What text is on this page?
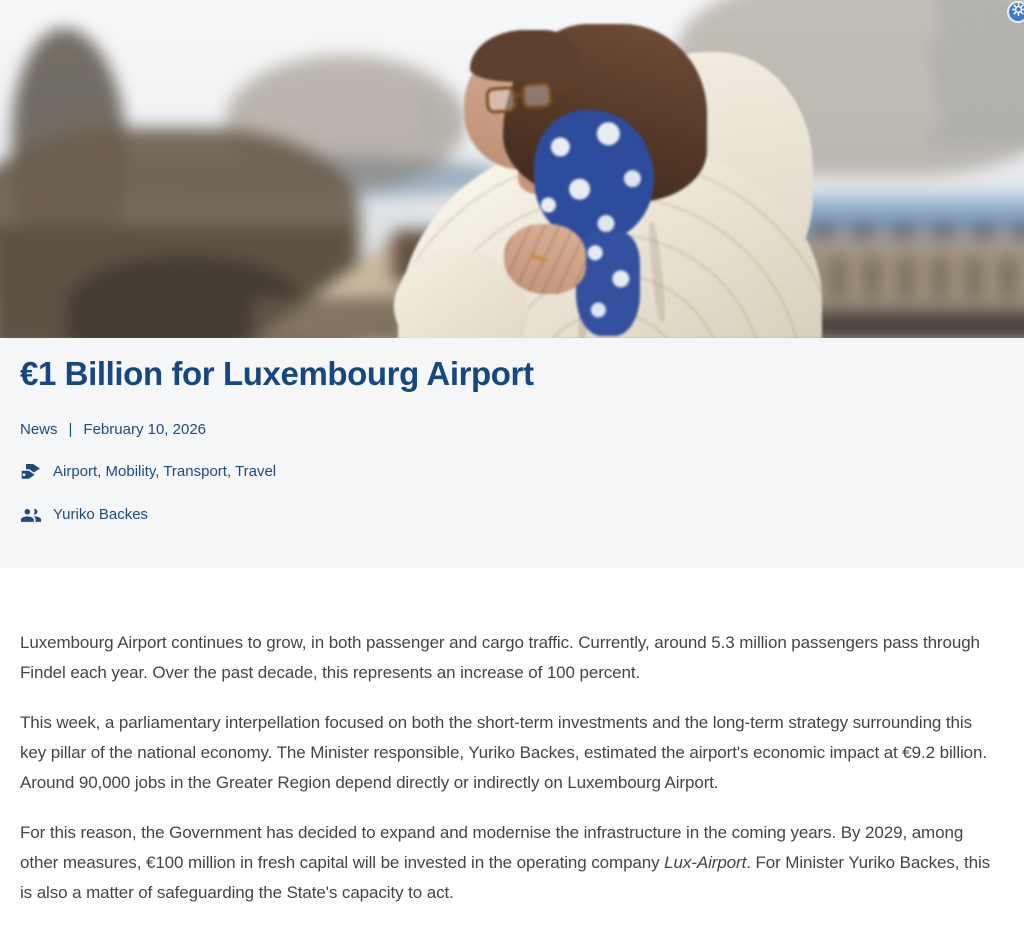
€1 Billion for Luxembourg Airport
News | February 10, 2026
Airport, Mobility, Transport, Travel
Yuriko Backes

Luxembourg Airport continues to grow, in both passenger and cargo traffic. Currently, around 5.3 million passengers pass through Findel each year. Over the past decade, this represents an increase of 100 percent.

This week, a parliamentary interpellation focused on both the short-term investments and the long-term strategy surrounding this key pillar of the national economy. The Minister responsible, Yuriko Backes, estimated the airport's economic impact at €9.2 billion. Around 90,000 jobs in the Greater Region depend directly or indirectly on Luxembourg Airport.

For this reason, the Government has decided to expand and modernise the infrastructure in the coming years. By 2029, among other measures, €100 million in fresh capital will be invested in the operating company Lux-Airport. For Minister Yuriko Backes, this is also a matter of safeguarding the State's capacity to act.
